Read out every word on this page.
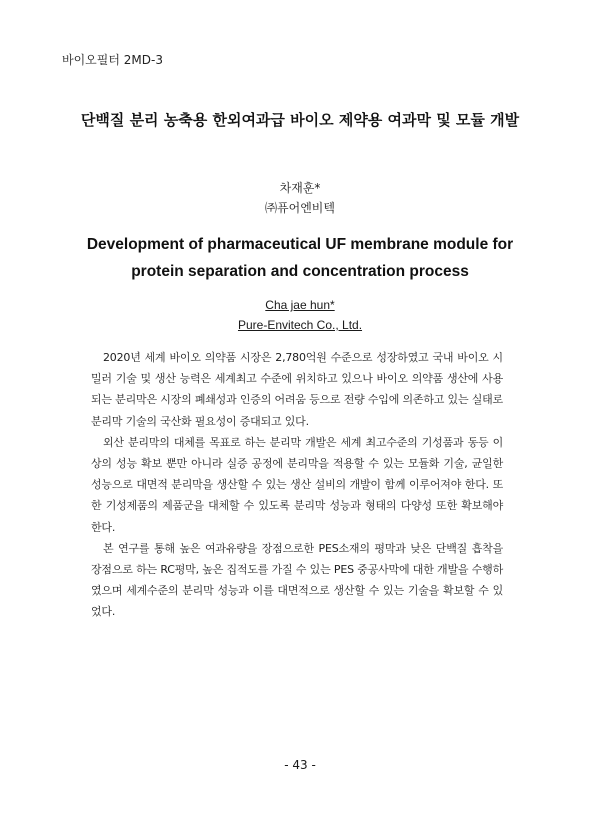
바이오필터 2MD-3
단백질 분리 농축용 한외여과급 바이오 제약용 여과막 및 모듈 개발
차재훈*
㈜퓨어엔비텍
Development of pharmaceutical UF membrane module for protein separation and concentration process
Cha jae hun*
Pure-Envitech Co., Ltd.

2020년 세계 바이오 의약품 시장은 2,780억원 수준으로 성장하였고 국내 바이오 시밀러 기술 및 생산 능력은 세계최고 수준에 위치하고 있으나 바이오 의약품 생산에 사용되는 분리막은 시장의 폐쇄성과 인증의 어려움 등으로 전량 수입에 의존하고 있는 실태로 분리막 기술의 국산화 필요성이 증대되고 있다.

외산 분리막의 대체를 목표로 하는 분리막 개발은 세계 최고수준의 기성품과 동등 이상의 성능 확보 뿐만 아니라 실증 공정에 분리막을 적용할 수 있는 모듈화 기술, 균일한 성능으로 대면적 분리막을 생산할 수 있는 생산 설비의 개발이 함께 이루어져야 한다. 또한 기성제품의 제품군을 대체할 수 있도록 분리막 성능과 형태의 다양성 또한 확보해야 한다.

본 연구를 통해 높은 여과유량을 장점으로한 PES소재의 평막과 낮은 단백질 흡착을 장점으로 하는 RC평막, 높은 집적도를 가질 수 있는 PES 중공사막에 대한 개발을 수행하였으며 세계수준의 분리막 성능과 이를 대면적으로 생산할 수 있는 기술을 확보할 수 있었다.

- 43 -
